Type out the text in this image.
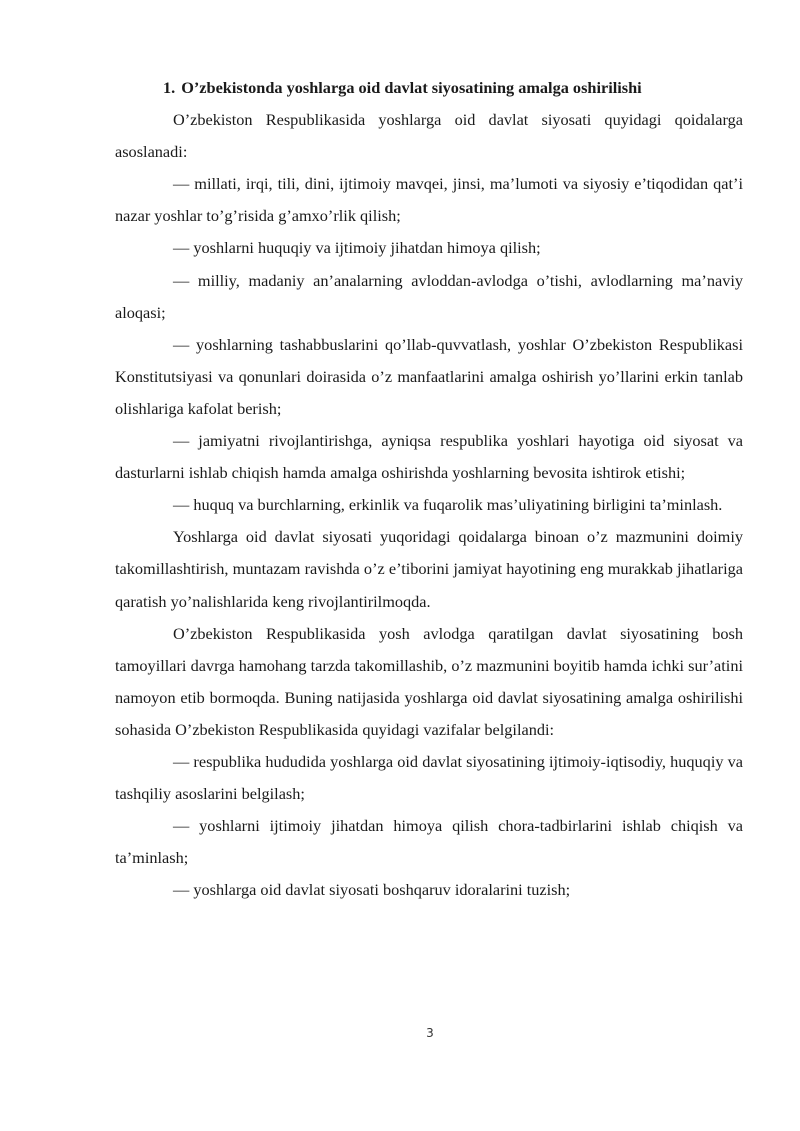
1. O’zbekistonda yoshlarga oid davlat siyosatining amalga oshirilishi

O’zbekiston Respublikasida yoshlarga oid davlat siyosati quyidagi qoidalarga asoslanadi:

— millati, irqi, tili, dini, ijtimoiy mavqei, jinsi, ma’lumoti va siyosiy e’tiqodidan qat’i nazar yoshlar to’g’risida g’amxo’rlik qilish;

— yoshlarni huquqiy va ijtimoiy jihatdan himoya qilish;

— milliy, madaniy an’analarning avloddan-avlodga o’tishi, avlodlarning ma’naviy aloqasi;

— yoshlarning tashabbuslarini qo’llab-quvvatlash, yoshlar O’zbekiston Respublikasi Konstitutsiyasi va qonunlari doirasida o’z manfaatlarini amalga oshirish yo’llarini erkin tanlab olishlariga kafolat berish;

— jamiyatni rivojlantirishga, ayniqsa respublika yoshlari hayotiga oid siyosat va dasturlarni ishlab chiqish hamda amalga oshirishda yoshlarning bevosita ishtirok etishi;

— huquq va burchlarning, erkinlik va fuqarolik mas’uliyatining birligini ta’minlash.

Yoshlarga oid davlat siyosati yuqoridagi qoidalarga binoan o’z mazmunini doimiy takomillashtirish, muntazam ravishda o’z e’tiborini jamiyat hayotining eng murakkab jihatlariga qaratish yo’nalishlarida keng rivojlantirilmoqda.

O’zbekiston Respublikasida yosh avlodga qaratilgan davlat siyosatining bosh tamoyillari davrga hamohang tarzda takomillashib, o’z mazmunini boyitib hamda ichki sur’atini namoyon etib bormoqda. Buning natijasida yoshlarga oid davlat siyosatining amalga oshirilishi sohasida O’zbekiston Respublikasida quyidagi vazifalar belgilandi:

— respublika hududida yoshlarga oid davlat siyosatining ijtimoiy-iqtisodiy, huquqiy va tashqiliy asoslarini belgilash;

— yoshlarni ijtimoiy jihatdan himoya qilish chora-tadbirlarini ishlab chiqish va ta’minlash;

— yoshlarga oid davlat siyosati boshqaruv idoralarini tuzish;

3
